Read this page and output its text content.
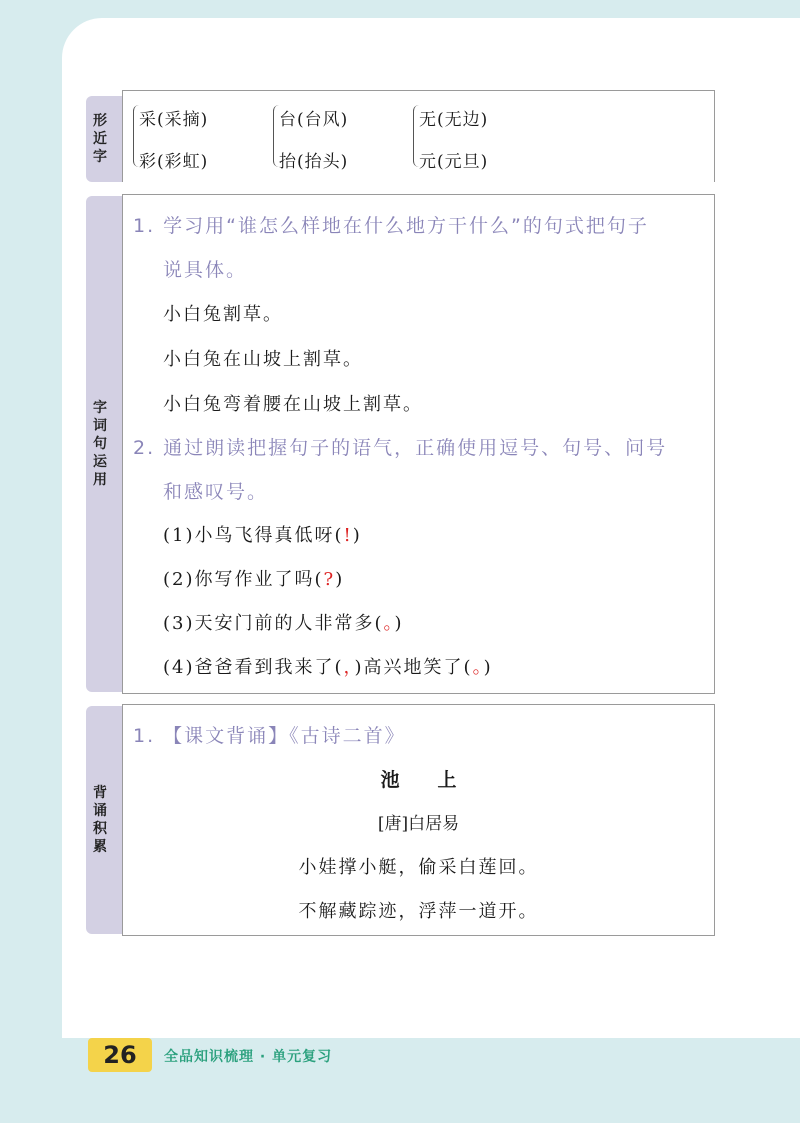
形
近
字
采(采摘)
彩(彩虹)
台(台风)
抬(抬头)
无(无边)
元(元旦)
字
词
句
运
用
1. 学习用“谁怎么样地在什么地方干什么”的句式把句子
说具体。
小白兔割草。
小白兔在山坡上割草。
小白兔弯着腰在山坡上割草。
2. 通过朗读把握句子的语气，正确使用逗号、句号、问号
和感叹号。
(1)小鸟飞得真低呀(!)
(2)你写作业了吗(?)
(3)天安门前的人非常多(。)
(4)爸爸看到我来了(，)高兴地笑了(。)
背
诵
积
累
1. 【课文背诵】《古诗二首》
池　　上
[唐]白居易
小娃撑小艇，偷采白莲回。
不解藏踪迹，浮萍一道开。
26	全品知识梳理 · 单元复习
